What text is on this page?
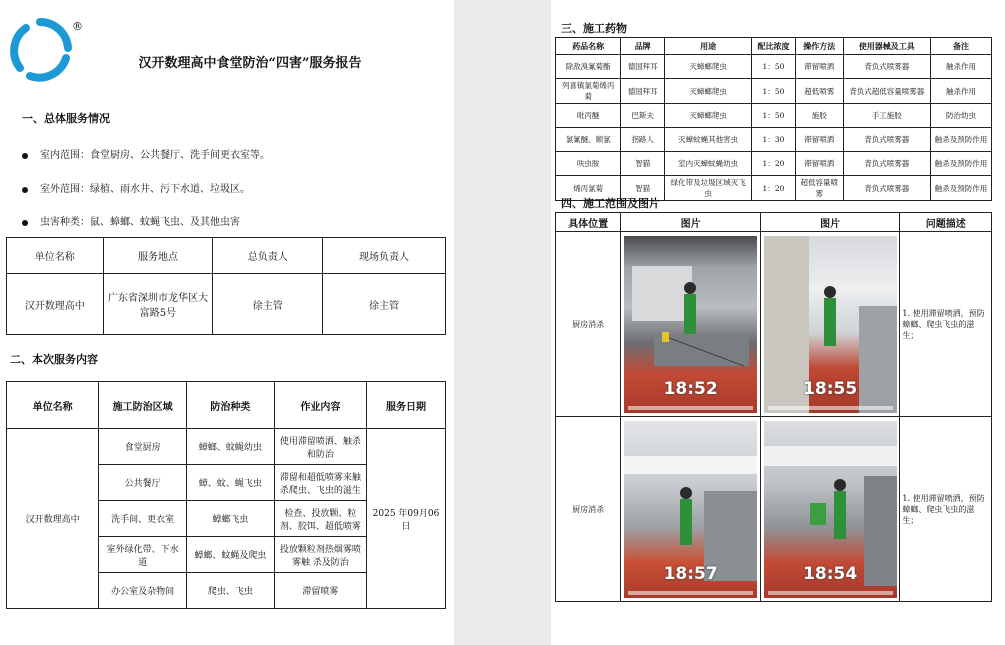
®
汉开数理高中食堂防治“四害”服务报告
一、总体服务情况
室内范围：食堂厨房、公共餐厅、洗手间更衣室等。
室外范围：绿植、雨水井、污下水道、垃圾区。
虫害种类：鼠、蟑螂、蚊蝇飞虫、及其他虫害
单位名称	服务地点	总负责人	现场负责人
汉开数理高中	广东省深圳市龙华区大富路5号	徐主管	徐主管
二、本次服务内容
单位名称	施工防治区域	防治种类	作业内容	服务日期
汉开数理高中	食堂厨房	蟑螂、蚊蝇幼虫	使用滞留喷洒、触杀和防治	2025 年09月06日
	公共餐厅	蟑、蚊、蝇飞虫	滞留和超低喷雾来触杀爬虫、飞虫的滋生	
	洗手间、更衣室	蟑螂飞虫	检查、投放颗、粒剂、胶饵、超低喷雾	
	室外绿化带、下水道	蟑螂、蚊蝇及爬虫	投放颗粒剂热烟雾喷雾触 杀及防治	
	办公室及杂物间	爬虫、飞虫	滞留喷雾	
三、施工药物
药品名称	品牌	用途	配比浓度	操作方法	使用器械及工具	备注
除敌溴氰菊酯	德国拜耳	灭蟑螂爬虫	1：50	滞留喷洒	背负式喷雾器	触杀作用
列喜镇氯菊烯丙菊	德国拜耳	灭蟑螂爬虫	1：50	超低喷雾	背负式超低容量喷雾器	触杀作用
吡丙醚	巴斯夫	灭蟑螂爬虫	1：50	施胶	手工施胶	防治幼虫
氯氰醚、顺氯	拐路人	灭蟑蚊蝇其他害虫	1：30	滞留喷洒	背负式喷雾器	触杀及预防作用
呋虫胺	智猫	室内灭蟑蚊蝇幼虫	1：20	滞留喷洒	背负式喷雾器	触杀及预防作用
烯丙氯菊	智猫	绿化带及垃圾区域灭飞虫	1：20	超低容量喷雾	背负式喷雾器	触杀及预防作用
四、施工范围及图片
具体位置	图片	图片	问题描述
厨房消杀	18:52	18:55	1. 使用滞留喷洒，预防蟑螂、爬虫飞虫的滋生；
厨房消杀	18:57	18:54	1. 使用滞留喷洒，预防蟑螂、爬虫飞虫的滋生；
